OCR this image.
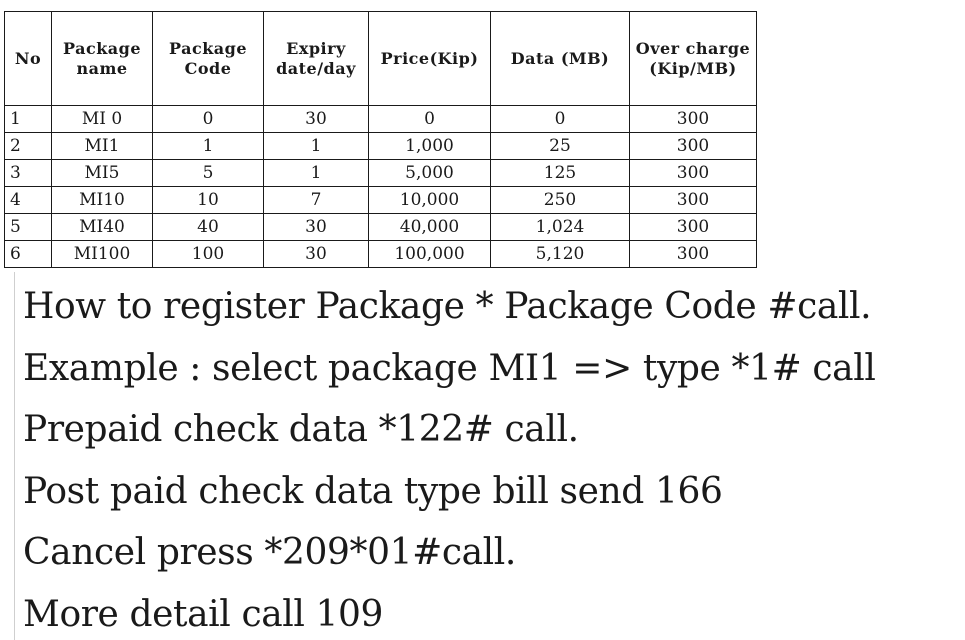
No	Package name	Package Code	Expiry date/day	Price(Kip)	Data (MB)	Over charge (Kip/MB)
1	MI 0	0	30	0	0	300
2	MI1	1	1	1,000	25	300
3	MI5	5	1	5,000	125	300
4	MI10	10	7	10,000	250	300
5	MI40	40	30	40,000	1,024	300
6	MI100	100	30	100,000	5,120	300
How to register Package * Package Code #call.
Example : select package MI1 => type *1# call
Prepaid check data *122# call.
Post paid check data type bill send 166
Cancel press *209*01#call.
More detail call 109
